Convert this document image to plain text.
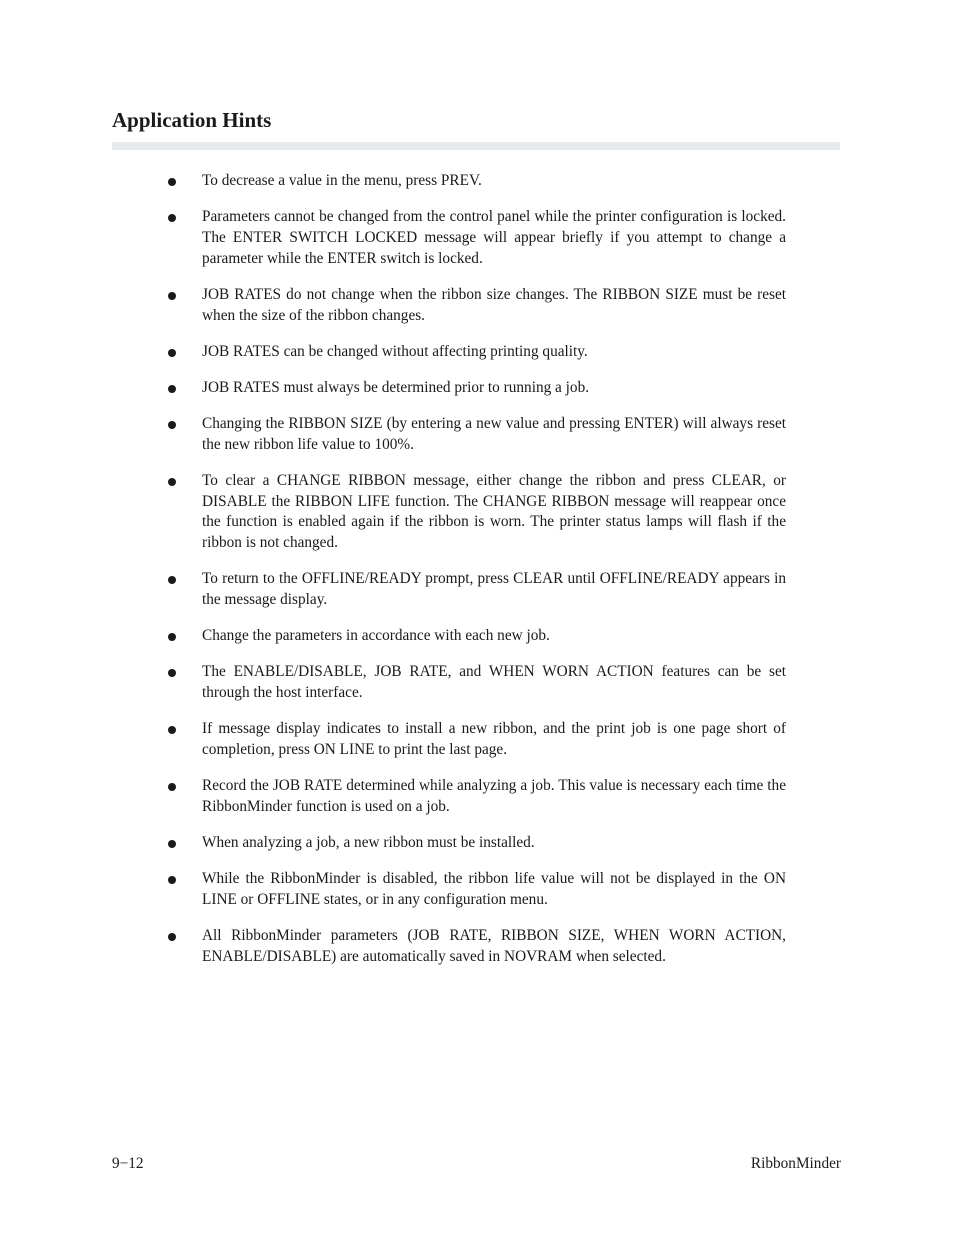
Application Hints
To decrease a value in the menu, press PREV.
Parameters cannot be changed from the control panel while the printer configuration is locked. The ENTER SWITCH LOCKED message will appear briefly if you attempt to change a parameter while the ENTER switch is locked.
JOB RATES do not change when the ribbon size changes. The RIBBON SIZE must be reset when the size of the ribbon changes.
JOB RATES can be changed without affecting printing quality.
JOB RATES must always be determined prior to running a job.
Changing the RIBBON SIZE (by entering a new value and pressing ENTER) will always reset the new ribbon life value to 100%.
To clear a CHANGE RIBBON message, either change the ribbon and press CLEAR, or DISABLE the RIBBON LIFE function. The CHANGE RIBBON message will reappear once the function is enabled again if the ribbon is worn. The printer status lamps will flash if the ribbon is not changed.
To return to the OFFLINE/READY prompt, press CLEAR until OFFLINE/READY appears in the message display.
Change the parameters in accordance with each new job.
The ENABLE/DISABLE, JOB RATE, and WHEN WORN ACTION features can be set through the host interface.
If message display indicates to install a new ribbon, and the print job is one page short of completion, press ON LINE to print the last page.
Record the JOB RATE determined while analyzing a job. This value is necessary each time the RibbonMinder function is used on a job.
When analyzing a job, a new ribbon must be installed.
While the RibbonMinder is disabled, the ribbon life value will not be displayed in the ON LINE or OFFLINE states, or in any configuration menu.
All RibbonMinder parameters (JOB RATE, RIBBON SIZE, WHEN WORN ACTION, ENABLE/DISABLE) are automatically saved in NOVRAM when selected.
9−12	RibbonMinder
